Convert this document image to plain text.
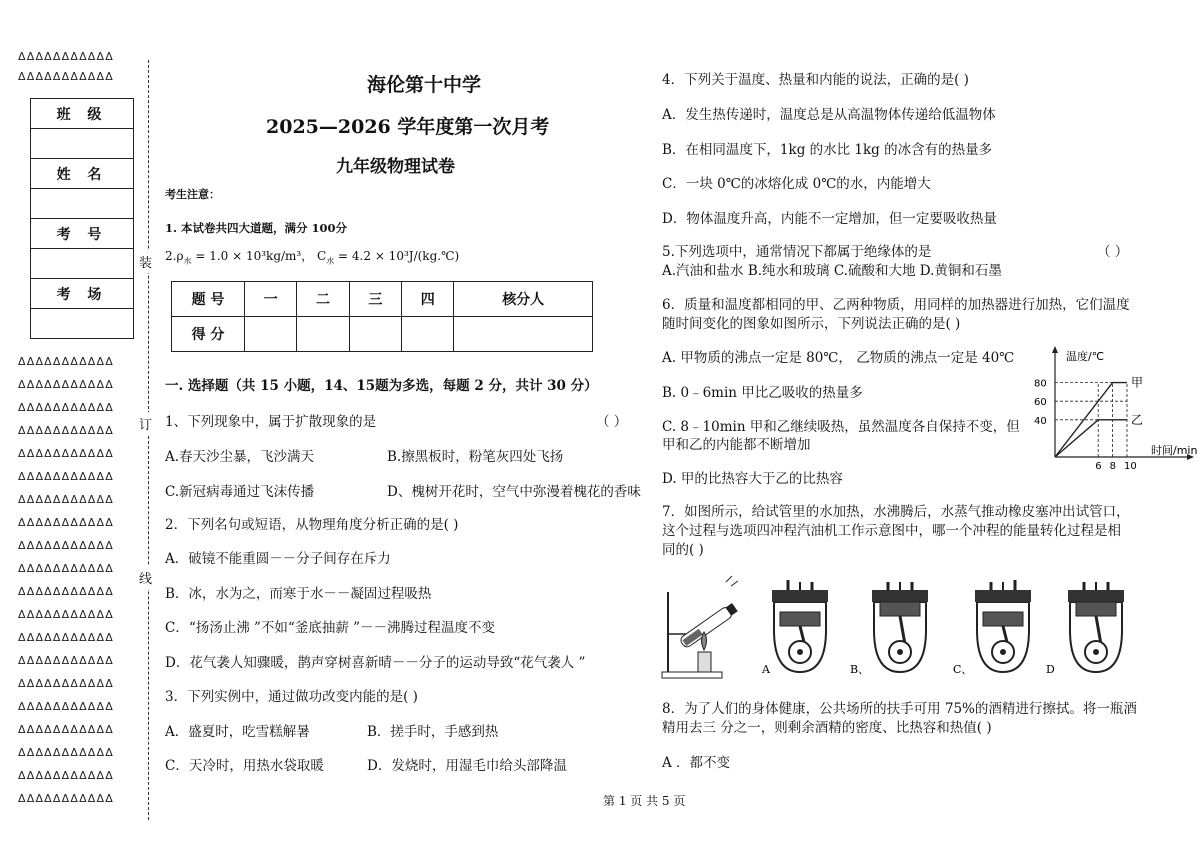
ΔΔΔΔΔΔΔΔΔΔΔ
ΔΔΔΔΔΔΔΔΔΔΔ
ΔΔΔΔΔΔΔΔΔΔΔ
ΔΔΔΔΔΔΔΔΔΔΔ
ΔΔΔΔΔΔΔΔΔΔΔ
ΔΔΔΔΔΔΔΔΔΔΔ
ΔΔΔΔΔΔΔΔΔΔΔ
ΔΔΔΔΔΔΔΔΔΔΔ
ΔΔΔΔΔΔΔΔΔΔΔ
ΔΔΔΔΔΔΔΔΔΔΔ
ΔΔΔΔΔΔΔΔΔΔΔ
ΔΔΔΔΔΔΔΔΔΔΔ
ΔΔΔΔΔΔΔΔΔΔΔ
ΔΔΔΔΔΔΔΔΔΔΔ
ΔΔΔΔΔΔΔΔΔΔΔ
ΔΔΔΔΔΔΔΔΔΔΔ
ΔΔΔΔΔΔΔΔΔΔΔ
ΔΔΔΔΔΔΔΔΔΔΔ
ΔΔΔΔΔΔΔΔΔΔΔ
ΔΔΔΔΔΔΔΔΔΔΔ
ΔΔΔΔΔΔΔΔΔΔΔ
ΔΔΔΔΔΔΔΔΔΔΔ
班 级

姓 名

考 号

考 场

装
订
线
海伦第十中学
2025—2026 学年度第一次月考
九年级物理试卷
考生注意：
1. 本试卷共四大道题，满分 100分
$2.\rho_水 = 1.0 \times 10^3kg/m^3$， $C_水 = 4.2$ × 10³J/(kg.℃)
题 号	一	二	三	四	核分人
得 分					
一. 选择题（共 15 小题，14、15题为多选，每题 2 分，共计 30 分）
1、下列现象中，属于扩散现象的是	（ ）
A.春天沙尘暴，飞沙满天	B.擦黑板时，粉笔灰四处飞扬
C.新冠病毒通过飞沫传播	D、槐树开花时，空气中弥漫着槐花的香味
2．下列名句或短语，从物理角度分析正确的是( )
A．破镜不能重圆－－分子间存在斥力
B．冰，水为之，而寒于水－－凝固过程吸热
C．“扬汤止沸 ”不如“釜底抽薪 ”－－沸腾过程温度不变
D．花气袭人知骤暖，鹊声穿树喜新晴－－分子的运动导致“花气袭人 ”
3．下列实例中，通过做功改变内能的是( )
A．盛夏时，吃雪糕解暑	B．搓手时，手感到热
C．天冷时，用热水袋取暖	D．发烧时，用湿毛巾给头部降温
4．下列关于温度、热量和内能的说法，正确的是( )
A．发生热传递时，温度总是从高温物体传递给低温物体
B．在相同温度下，1kg 的水比 1kg 的冰含有的热量多
C．一块 0℃的冰熔化成 0℃的水，内能增大
D．物体温度升高，内能不一定增加，但一定要吸收热量
5.下列选项中，通常情况下都属于绝缘体的是	（ ）
A.汽油和盐水 B.纯水和玻璃 C.硫酸和大地 D.黄铜和石墨
6．质量和温度都相同的甲、乙两种物质，用同样的加热器进行加热，它们温度
随时间变化的图象如图所示，下列说法正确的是( )
A. 甲物质的沸点一定是 80℃， 乙物质的沸点一定是 40℃
B. 0﹣6min 甲比乙吸收的热量多
C. 8﹣10min 甲和乙继续吸热，虽然温度各自保持不变，但
甲和乙的内能都不断增加
D. 甲的比热容大于乙的比热容
温度/℃
甲
乙
80
60
40
6 8 10
时间/min
7．如图所示，给试管里的水加热，水沸腾后，水蒸气推动橡皮塞冲出试管口，
这个过程与选项四冲程汽油机工作示意图中，哪一个冲程的能量转化过程是相
同的( )
A	B、	C、	D
8．为了人们的身体健康，公共场所的扶手可用 75%的酒精进行擦拭。将一瓶酒
精用去三 分之一，则剩余酒精的密度、比热容和热值( )
A ．都不变
第 1 页 共 5 页
